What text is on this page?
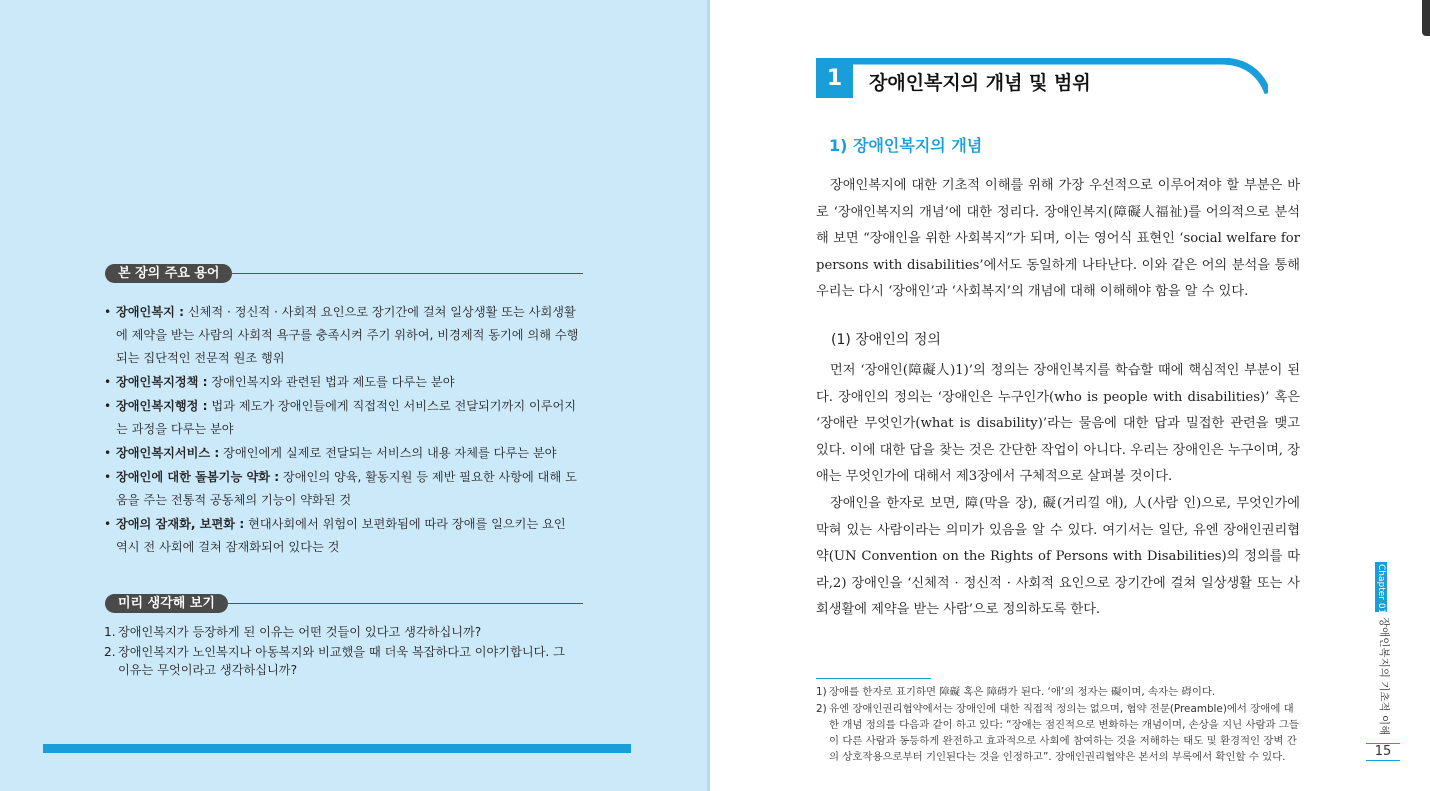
본 장의 주요 용어
• 장애인복지 : 신체적 · 정신적 · 사회적 요인으로 장기간에 걸쳐 일상생활 또는 사회생활에 제약을 받는 사람의 사회적 욕구를 충족시켜 주기 위하여, 비경제적 동기에 의해 수행되는 집단적인 전문적 원조 행위
• 장애인복지정책 : 장애인복지와 관련된 법과 제도를 다루는 분야
• 장애인복지행정 : 법과 제도가 장애인들에게 직접적인 서비스로 전달되기까지 이루어지는 과정을 다루는 분야
• 장애인복지서비스 : 장애인에게 실제로 전달되는 서비스의 내용 자체를 다루는 분야
• 장애인에 대한 돌봄기능 약화 : 장애인의 양육, 활동지원 등 제반 필요한 사항에 대해 도움을 주는 전통적 공동체의 기능이 약화된 것
• 장애의 잠재화, 보편화 : 현대사회에서 위험이 보편화됨에 따라 장애를 일으키는 요인 역시 전 사회에 걸쳐 잠재화되어 있다는 것
미리 생각해 보기
1. 장애인복지가 등장하게 된 이유는 어떤 것들이 있다고 생각하십니까?
2. 장애인복지가 노인복지나 아동복지와 비교했을 때 더욱 복잡하다고 이야기합니다. 그 이유는 무엇이라고 생각하십니까?
1	장애인복지의 개념 및 범위
1) 장애인복지의 개념

장애인복지에 대한 기초적 이해를 위해 가장 우선적으로 이루어져야 할 부분은 바로 ‘장애인복지의 개념’에 대한 정리다. 장애인복지(障礙人福祉)를 어의적으로 분석해 보면 “장애인을 위한 사회복지”가 되며, 이는 영어식 표현인 ‘social welfare for persons with disabilities’에서도 동일하게 나타난다. 이와 같은 어의 분석을 통해 우리는 다시 ‘장애인’과 ‘사회복지’의 개념에 대해 이해해야 함을 알 수 있다.

(1) 장애인의 정의

먼저 ‘장애인(障礙人)1)’의 정의는 장애인복지를 학습할 때에 핵심적인 부분이 된다. 장애인의 정의는 ‘장애인은 누구인가(who is people with disabilities)’ 혹은 ‘장애란 무엇인가(what is disability)’라는 물음에 대한 답과 밀접한 관련을 맺고 있다. 이에 대한 답을 찾는 것은 간단한 작업이 아니다. 우리는 장애인은 누구이며, 장애는 무엇인가에 대해서 제3장에서 구체적으로 살펴볼 것이다.

장애인을 한자로 보면, 障(막을 장), 礙(거리낄 애), 人(사람 인)으로, 무엇인가에 막혀 있는 사람이라는 의미가 있음을 알 수 있다. 여기서는 일단, 유엔 장애인권리협약(UN Convention on the Rights of Persons with Disabilities)의 정의를 따라,2) 장애인을 ‘신체적 · 정신적 · 사회적 요인으로 장기간에 걸쳐 일상생활 또는 사회생활에 제약을 받는 사람’으로 정의하도록 한다.

1) 장애를 한자로 표기하면 障礙 혹은 障碍가 된다. ‘애’의 정자는 礙이며, 속자는 碍이다.
2) 유엔 장애인권리협약에서는 장애인에 대한 직접적 정의는 없으며, 협약 전문(Preamble)에서 장애에 대한 개념 정의를 다음과 같이 하고 있다: “장애는 점진적으로 변화하는 개념이며, 손상을 지닌 사람과 그들이 다른 사람과 동등하게 완전하고 효과적으로 사회에 참여하는 것을 저해하는 태도 및 환경적인 장벽 간의 상호작용으로부터 기인된다는 것을 인정하고”. 장애인권리협약은 본서의 부록에서 확인할 수 있다.
Chapter 01
장애인복지의 기초적 이해
15
